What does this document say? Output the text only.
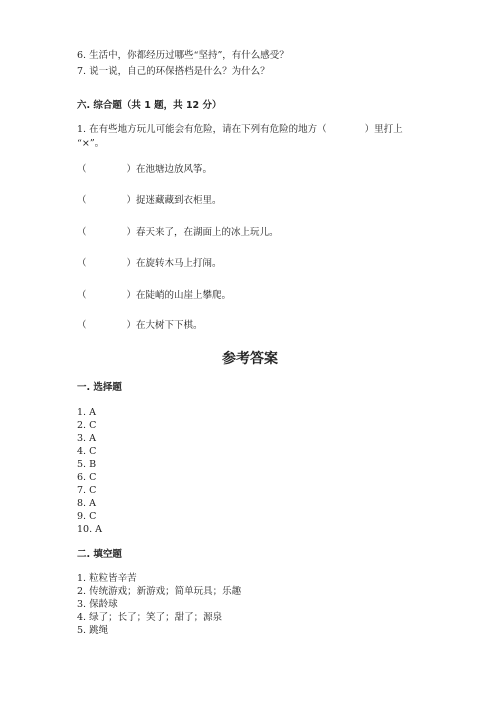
6. 生活中，你都经历过哪些“坚持”，有什么感受？
7. 说一说，自己的环保搭档是什么？为什么？
六. 综合题（共 1 题，共 12 分）
1. 在有些地方玩儿可能会有危险，请在下列有危险的地方（　　　　）里打上
“×”。
（	）在池塘边放风筝。
（	）捉迷藏藏到衣柜里。
（	）春天来了，在湖面上的冰上玩儿。
（	）在旋转木马上打闹。
（	）在陡峭的山崖上攀爬。
（	）在大树下下棋。
参考答案
一. 选择题
1. A
2. C
3. A
4. C
5. B
6. C
7. C
8. A
9. C
10. A
二. 填空题
1. 粒粒皆辛苦
2. 传统游戏；新游戏；简单玩具；乐趣
3. 保龄球
4. 绿了；长了；笑了；甜了；源泉
5. 跳绳
